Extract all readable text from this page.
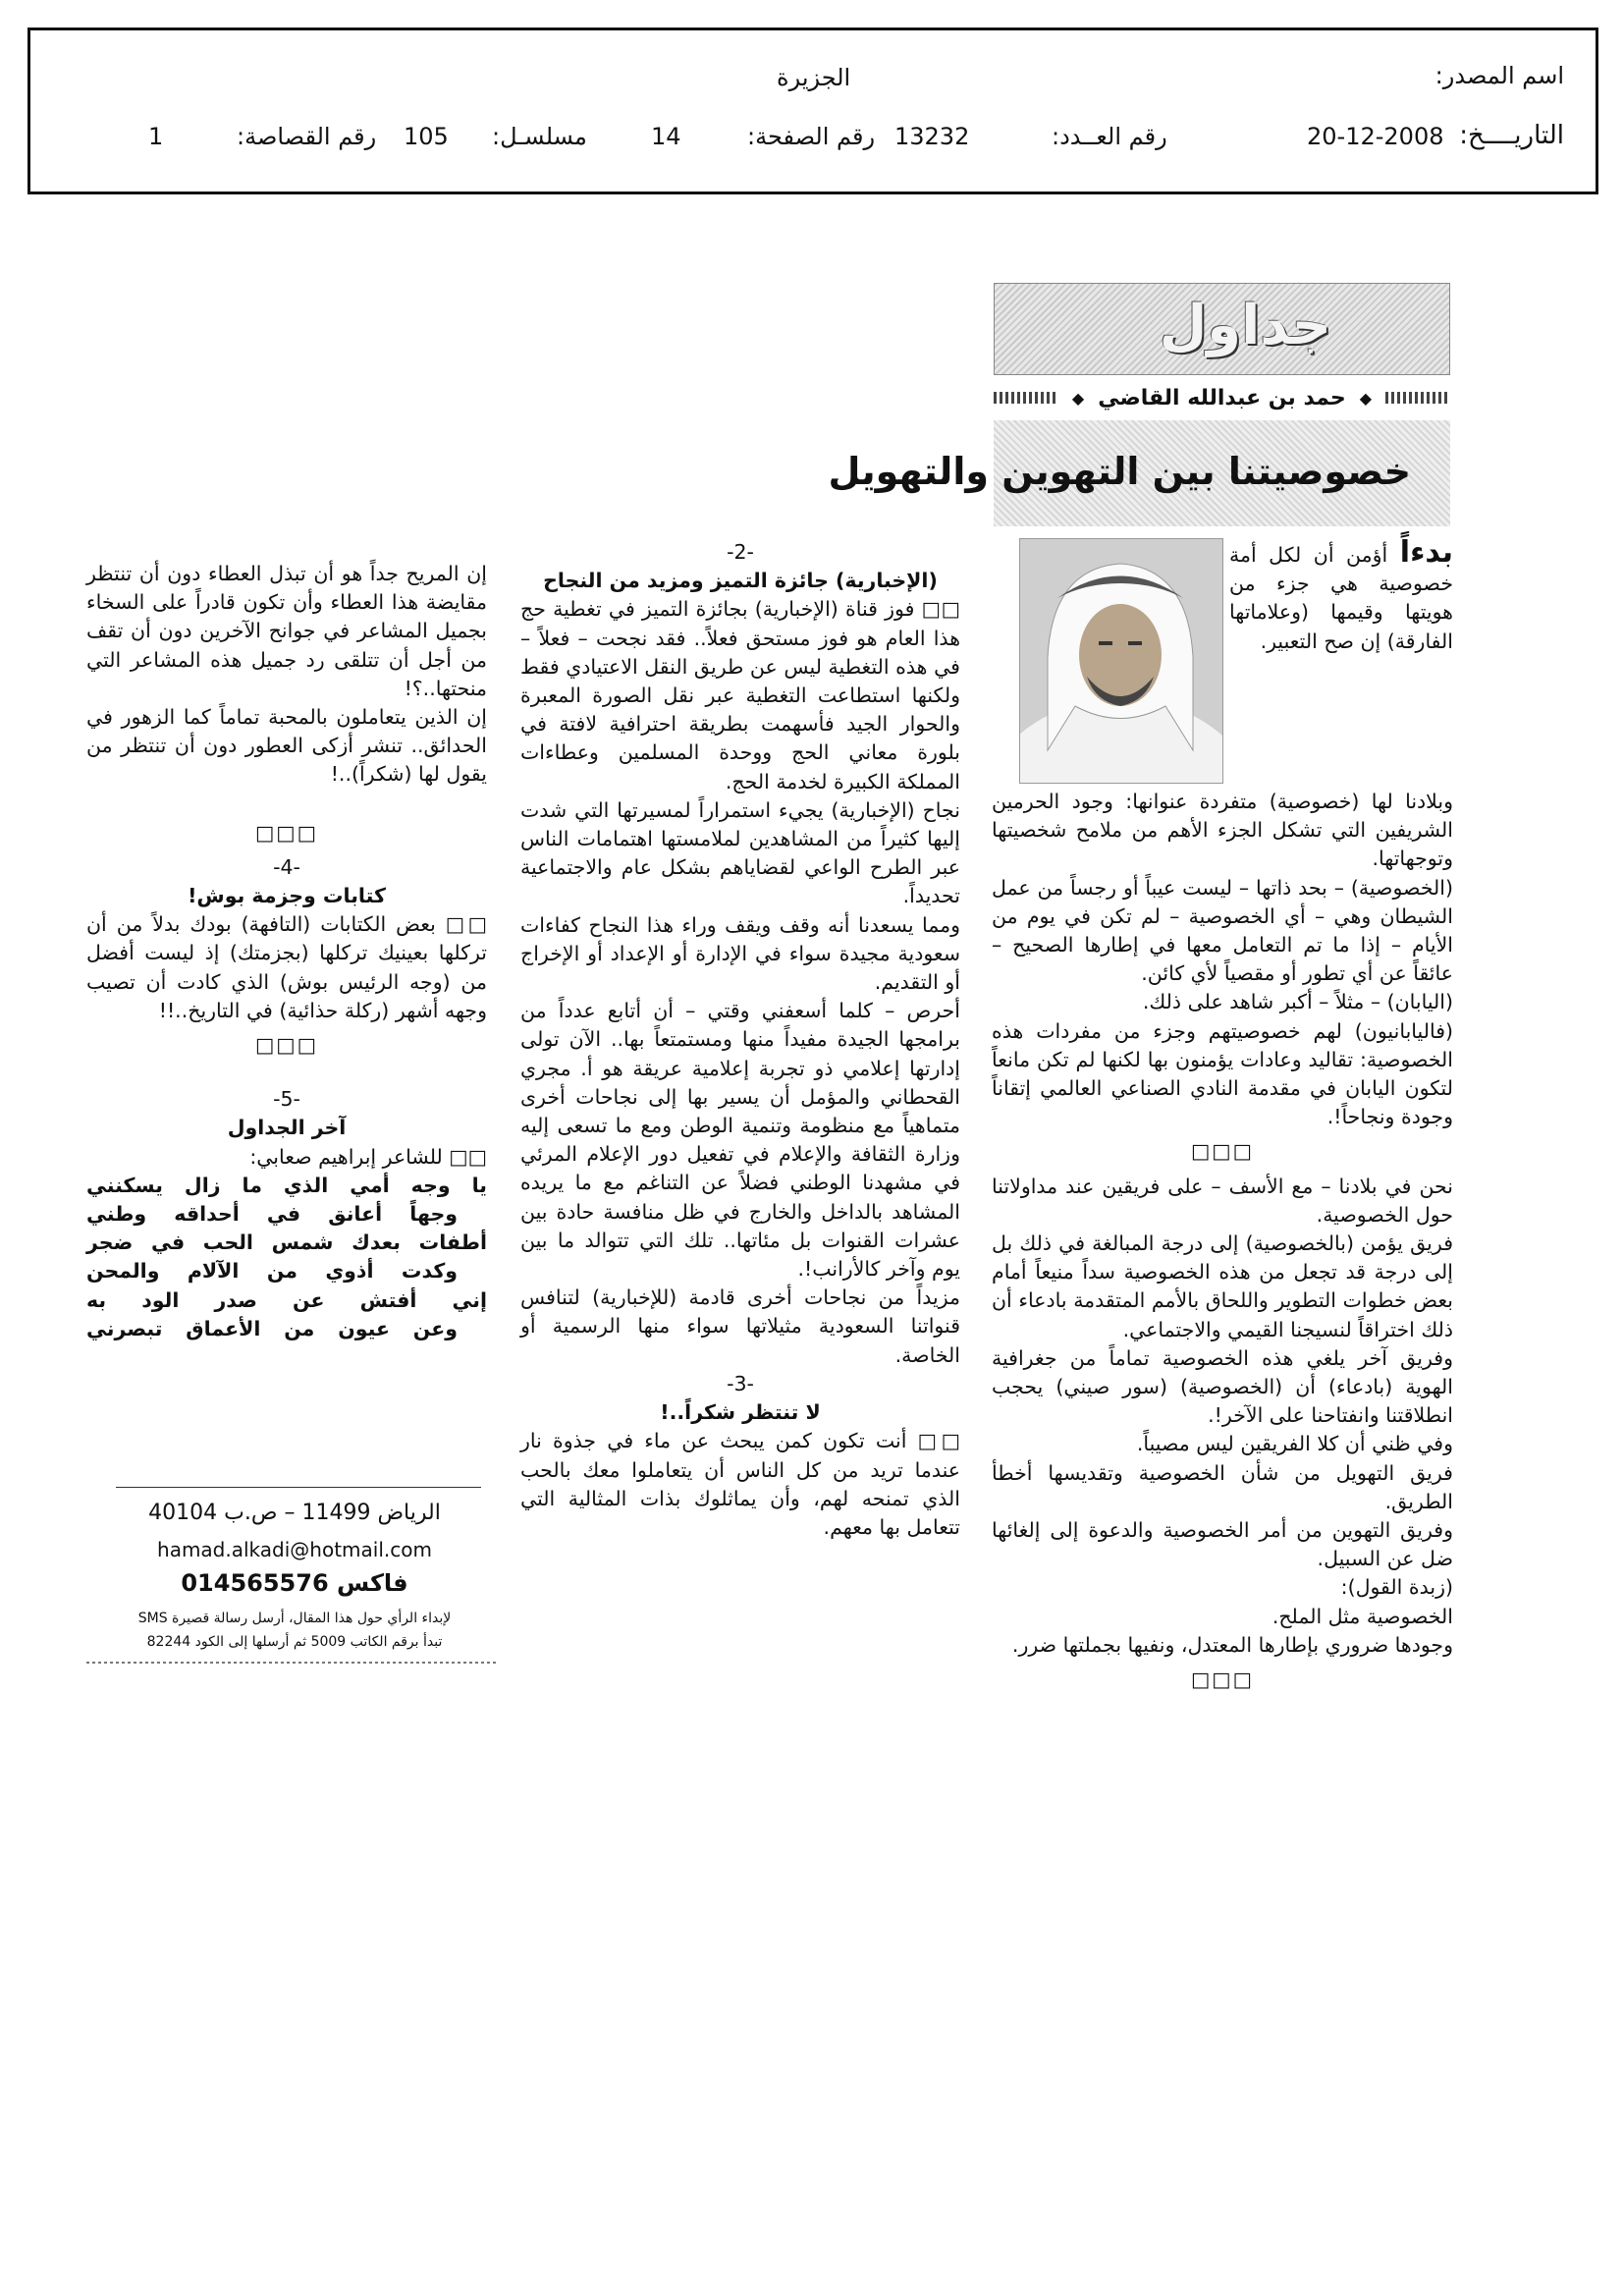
اسم المصدر:
الجزيرة
التاريــــخ:
20-12-2008
رقم العــدد:
13232
رقم الصفحة:
14
مسلسـل:
105
رقم القصاصة:
1
جداول
◆
حمد بن عبدالله القاضي
◆
خصوصيتنا بين التهوين والتهويل

بدءاً أؤمن أن لكل أمة خصوصية هي جزء من هويتها وقيمها (وعلاماتها الفارقة) إن صح التعبير.

وبلادنا لها (خصوصية) متفردة عنوانها: وجود الحرمين الشريفين التي تشكل الجزء الأهم من ملامح شخصيتها وتوجهاتها.

(الخصوصية) – بحد ذاتها – ليست عيباً أو رجساً من عمل الشيطان وهي – أي الخصوصية – لم تكن في يوم من الأيام – إذا ما تم التعامل معها في إطارها الصحيح – عائقاً عن أي تطور أو مقصياً لأي كائن.

(اليابان) – مثلاً – أكبر شاهد على ذلك.

(فاليابانيون) لهم خصوصيتهم وجزء من مفردات هذه الخصوصية: تقاليد وعادات يؤمنون بها لكنها لم تكن مانعاً لتكون اليابان في مقدمة النادي الصناعي العالمي إتقاناً وجودة ونجاحاً!.

□□□

نحن في بلادنا – مع الأسف – على فريقين عند مداولاتنا حول الخصوصية.

فريق يؤمن (بالخصوصية) إلى درجة المبالغة في ذلك بل إلى درجة قد تجعل من هذه الخصوصية سداً منيعاً أمام بعض خطوات التطوير واللحاق بالأمم المتقدمة بادعاء أن ذلك اختراقاً لنسيجنا القيمي والاجتماعي.

وفريق آخر يلغي هذه الخصوصية تماماً من جغرافية الهوية (بادعاء) أن (الخصوصية) (سور صيني) يحجب انطلاقتنا وانفتاحنا على الآخر!.

وفي ظني أن كلا الفريقين ليس مصيباً.

فريق التهويل من شأن الخصوصية وتقديسها أخطأ الطريق.

وفريق التهوين من أمر الخصوصية والدعوة إلى إلغائها ضل عن السبيل.

(زبدة القول):

الخصوصية مثل الملح.

وجودها ضروري بإطارها المعتدل، ونفيها بجملتها ضرر.

□□□

-2-

(الإخبارية) جائزة التميز ومزيد من النجاح

□□ فوز قناة (الإخبارية) بجائزة التميز في تغطية حج هذا العام هو فوز مستحق فعلاً.. فقد نجحت – فعلاً – في هذه التغطية ليس عن طريق النقل الاعتيادي فقط ولكنها استطاعت التغطية عبر نقل الصورة المعبرة والحوار الجيد فأسهمت بطريقة احترافية لافتة في بلورة معاني الحج ووحدة المسلمين وعطاءات المملكة الكبيرة لخدمة الحج.

نجاح (الإخبارية) يجيء استمراراً لمسيرتها التي شدت إليها كثيراً من المشاهدين لملامستها اهتمامات الناس عبر الطرح الواعي لقضاياهم بشكل عام والاجتماعية تحديداً.

ومما يسعدنا أنه وقف ويقف وراء هذا النجاح كفاءات سعودية مجيدة سواء في الإدارة أو الإعداد أو الإخراج أو التقديم.

أحرص – كلما أسعفني وقتي – أن أتابع عدداً من برامجها الجيدة مفيداً منها ومستمتعاً بها.. الآن تولى إدارتها إعلامي ذو تجربة إعلامية عريقة هو أ. مجري القحطاني والمؤمل أن يسير بها إلى نجاحات أخرى متماهياً مع منظومة وتنمية الوطن ومع ما تسعى إليه وزارة الثقافة والإعلام في تفعيل دور الإعلام المرئي في مشهدنا الوطني فضلاً عن التناغم مع ما يريده المشاهد بالداخل والخارج في ظل منافسة حادة بين عشرات القنوات بل مئاتها.. تلك التي تتوالد ما بين يوم وآخر كالأرانب!.

مزيداً من نجاحات أخرى قادمة (للإخبارية) لتنافس قنواتنا السعودية مثيلاتها سواء منها الرسمية أو الخاصة.

-3-

لا تنتظر شكراً..!

□□ أنت تكون كمن يبحث عن ماء في جذوة نار عندما تريد من كل الناس أن يتعاملوا معك بالحب الذي تمنحه لهم، وأن يماثلوك بذات المثالية التي تتعامل بها معهم.

إن المريح جداً هو أن تبذل العطاء دون أن تنتظر مقايضة هذا العطاء وأن تكون قادراً على السخاء بجميل المشاعر في جوانح الآخرين دون أن تقف من أجل أن تتلقى رد جميل هذه المشاعر التي منحتها..؟!

إن الذين يتعاملون بالمحبة تماماً كما الزهور في الحدائق.. تنشر أزكى العطور دون أن تنتظر من يقول لها (شكراً)..!

□□□

-4-

كتابات وجزمة بوش!

□□ بعض الكتابات (التافهة) بودك بدلاً من أن تركلها بعينيك تركلها (بجزمتك) إذ ليست أفضل من (وجه الرئيس بوش) الذي كادت أن تصيب وجهه أشهر (ركلة حذائية) في التاريخ..!!

□□□

-5-

آخر الجداول

□□ للشاعر إبراهيم صعابي:

يا وجه أمي الذي ما زال يسكنني

وجهاً أعانق في أحداقه وطني

أطفات بعدك شمس الحب في ضجر

وكدت أذوي من الآلام والمحن

إني أفتش عن صدر الود به

وعن عيون من الأعماق تبصرني

الرياض 11499 – ص.ب 40104
hamad.alkadi@hotmail.com
فاكس 014565576
لإبداء الرأي حول هذا المقال، أرسل رسالة قصيرة SMS
تبدأ برقم الكاتب 5009 ثم أرسلها إلى الكود 82244
